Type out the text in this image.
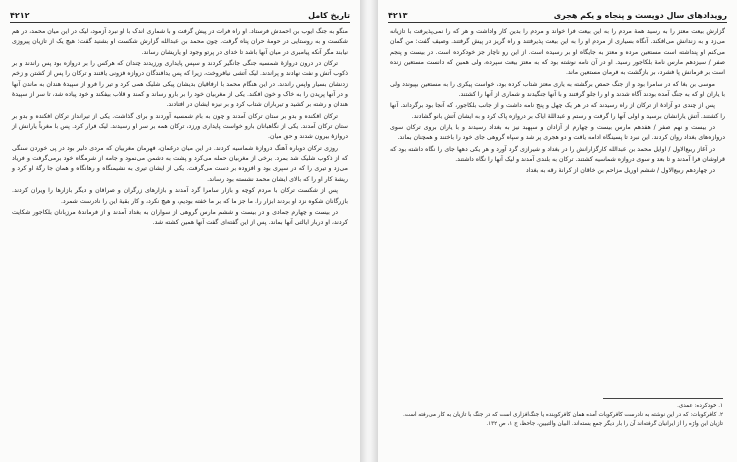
۴۲۱۲	تاریخ کامل

منگو به جنگ ایوب بن احمدش فرستاد. او راه فرات در پیش گرفت و با شماری اندک با او نبرد آزمود، لیک در این میان محمد، در هم شکست و به روستایی در حومهٔ حران پناه گرفت. چون محمد بن عبدالله گزارش شکست او بشنید گفت: هیچ یک از تازیان پیروزی نیابند مگر آنکه پیامبری در میان آنها باشد تا خدای در پرتو وجود او یاریشان رساند.

ترکان در درون دروازهٔ شمسیه جنگی جانگیر کردند و سپس پایداری ورزیدند چندان که هرکس را بر دروازه بود پس راندند و بر ذکوب آتش و نفت نهادند و پراندند. لیک آتشی نیافروخت، زیرا که پس یدافندگان دروازه فزونی یافتند و ترکان را پس از کشتن و زخم زدنشان بسیار واپس راندند. در این هنگام محمد با ارفاقیان بدیشان پیکی شلیک همی کرد و تیر را فرو از سپیدهٔ هندان به ماندن آنها و در آنها پریدن را به خاک و خون افکند. یکی از مغربیان خود را بر بارو رساند و کمند و قلاب بیفکند و خود پیاده شد، تا سر از سپیدهٔ هندان و رشته بر کشید و تیرباران شتاب کرد و بر نیزه ایشان در افتادند.

ترکان افکنده و بدو بر ستان ترکان آمدند و چون به بام شمسیه آوردند و برای گذاشت. یکی از تیرانداز ترکان افکنده و بدو بر ستان ترکان آمدند. یکی از نگاهبانان بارو خواست پایداری ورزد، ترکان همه بر سر او رسیدند. لیک فرار کرد. پس با مغرباً یارانش از دروازهٔ بیرون شدند و حق میان.

روزی ترکان دوباره آهنگ دروازهٔ شماسیه کردند. در این میان درغمان، فهرمان مغربیان که مردی دلیر بود در پی خوردن سنگی که از ذکوب شلیک شد بمرد. برخی از مغربیان حمله می‌کرد و پشت به دشمن می‌نمود و جامه از شرمگاه خود برمی‌گرفت و فریاد می‌زد و تیری را که در سپری بود و افزوده بر دست می‌گرفت. یکی از ایشان تیری به نشیمنگاه و رهانگاه و همان جا رگهٔ او کرد و ریشهٔ کار او را که بالای ایشان محمد نشسته بود رساند.

پس از شکست ترکان با مردم کوچه و بازار سامرا گرد آمدند و بازارهای زرگران و صرافان و دیگر بازارها را ویران کردند. بازرگانان شکوه نزد او بردند ابزار را. ما جز ما که بر ما خفته بودیم، و هیچ نکرد، و کار بقیهٔ این را نادرست شمرد.

در بیست و چهارم جمادی و در بیست و ششم مارس گروهی از سواران به بغداد آمدند و از فرماندهٔ مرزبانان بلکاجور شکایت کردند، او دربار ایالتی آنها بماند. پس از این گفته‌ای گفت آنها همین کشته شد.

۴۲۱۳	رویدادهای سال دویست و پنجاه و یکم هجری

گزارش بیعت معتز را به رسید همهٔ مردم را به این بیعت فرا خواند و مردم را بدین کار واداشت و هر که را نمی‌پذیرفت با تازیانه می‌زد و به زندانش می‌افکند. آنگاه بسیاری از مردم او را به این بیعت پذیرفتند و راه گریز در پیش گرفتند. وصیف گفت: من گمان می‌کنم او پنداشته است مستعین مرده و معتز به جایگاه او بر رسیده است. از این رو ناچار جز خودکرده است. در بیست و پنجم صفر / سیزدهم مارس نامهٔ بلکاجور رسید. او در آن نامه نوشته بود که به معتز بیعت سپرده، ولی همین که دانست مستعین زنده است بر فرمانش پا فشرد، بر بازگشت به فرمان مستعین ماند.

موسی بن بغا که در سامرا بود و از جنگ حمص برگشته به یاری معتز شتاب کرده بود، خواست پیکری را به مستعین بپیوندد ولی با یاران او که به جنگ آمده بودند آگاه شدند و او را جلو گرفتند و با آنها جنگیدند و شماری از آنها را کشتند.

پس از چندی دو آزادهٔ از ترکان از راه رسیدند که در هر یک چهل و پنج نامه داشت و از جانب بلکاجور، که آنجا بود برگرداند. آنها را کشتند. آتش یارانشان برسید و اولی آنها را گرفت و رستم و عبداللهٔ ایاک بر دروازه پاک کرد و به ایشان آتش بانو گشادند.

در بیست و نهم صفر / هفدهم مارس بیست و چهارم از آزادان و سپهبد نیز به بغداد رسیدند و با یاران بروی ترکان سوی دروازه‌های بغداد روان کردند. این نبرد تا پسینگاه ادامه یافت و دو هجری پر شد و سپاه گروهی جای خود را باختند و همچنان بماند.

در آغاز ربیع‌الاول / اوایل محمد بن عبدالله کارگزارانش را در بغداد و شیرازی گرد آورد و هر یکی دهها جای را نگاه داشته بود که قراوشان فرا آمدند و تا بعد و سوی دروازه شماسیه کشتند. ترکان به بلندی آمدند و لیک آنها را نگاه داشتند.

در چهاردهم ربیع‌الاول / ششم اوریل مزاحم بن خاقان از کرانهٔ رقه به بغداد

۱. خودکرده: عمدی.
۲. کافرکوبات: که در این نوشته به نادرست کافرکوبات آمده همان کافرکوبنده یا جنگ‌افزاری است که در جنگ با تازیان به کار می‌رفته است. تازیان این واژه را از ایرانیان گرفته‌اند آن را بار دیگر جمع بسته‌اند. البیان والتبیین، جاحظ، ج ۱، ص ۱۳۲.
